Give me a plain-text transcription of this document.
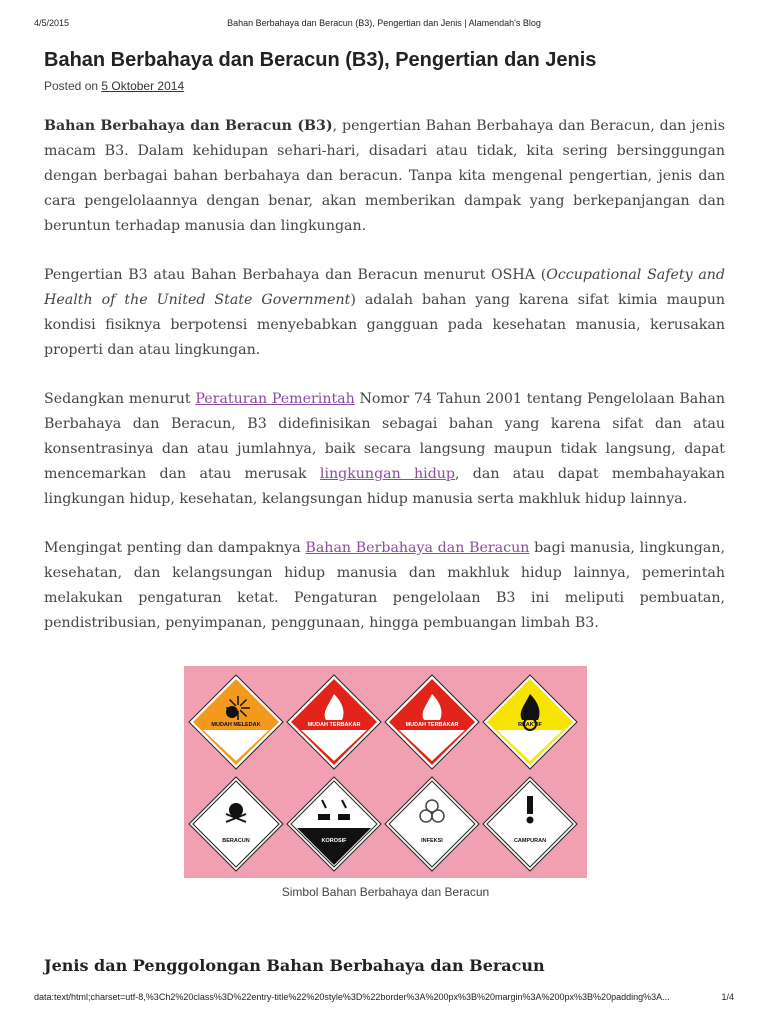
4/5/2015	Bahan Berbahaya dan Beracun (B3), Pengertian dan Jenis | Alamendah's Blog
Bahan Berbahaya dan Beracun (B3), Pengertian dan Jenis
Posted on 5 Oktober 2014

Bahan Berbahaya dan Beracun (B3), pengertian Bahan Berbahaya dan Beracun, dan jenis macam B3. Dalam kehidupan sehari-hari, disadari atau tidak, kita sering bersinggungan dengan berbagai bahan berbahaya dan beracun. Tanpa kita mengenal pengertian, jenis dan cara pengelolaannya dengan benar, akan memberikan dampak yang berkepanjangan dan beruntun terhadap manusia dan lingkungan.

Pengertian B3 atau Bahan Berbahaya dan Beracun menurut OSHA (Occupational Safety and Health of the United State Government) adalah bahan yang karena sifat kimia maupun kondisi fisiknya berpotensi menyebabkan gangguan pada kesehatan manusia, kerusakan properti dan atau lingkungan.

Sedangkan menurut Peraturan Pemerintah Nomor 74 Tahun 2001 tentang Pengelolaan Bahan Berbahaya dan Beracun, B3 didefinisikan sebagai bahan yang karena sifat dan atau konsentrasinya dan atau jumlahnya, baik secara langsung maupun tidak langsung, dapat mencemarkan dan atau merusak lingkungan hidup, dan atau dapat membahayakan lingkungan hidup, kesehatan, kelangsungan hidup manusia serta makhluk hidup lainnya.

Mengingat penting dan dampaknya Bahan Berbahaya dan Beracun bagi manusia, lingkungan, kesehatan, dan kelangsungan hidup manusia dan makhluk hidup lainnya, pemerintah melakukan pengaturan ketat. Pengaturan pengelolaan B3 ini meliputi pembuatan, pendistribusian, penyimpanan, penggunaan, hingga pembuangan limbah B3.

MUDAH MELEDAK	MUDAH TERBAKAR	MUDAH TERBAKAR	REAKTIF
BERACUN	KOROSIF	INFEKSI	CAMPURAN
Simbol Bahan Berbahaya dan Beracun
Jenis dan Penggolongan Bahan Berbahaya dan Beracun
data:text/html;charset=utf-8,%3Ch2%20class%3D%22entry-title%22%20style%3D%22border%3A%200px%3B%20margin%3A%200px%3B%20padding%3A...	1/4
